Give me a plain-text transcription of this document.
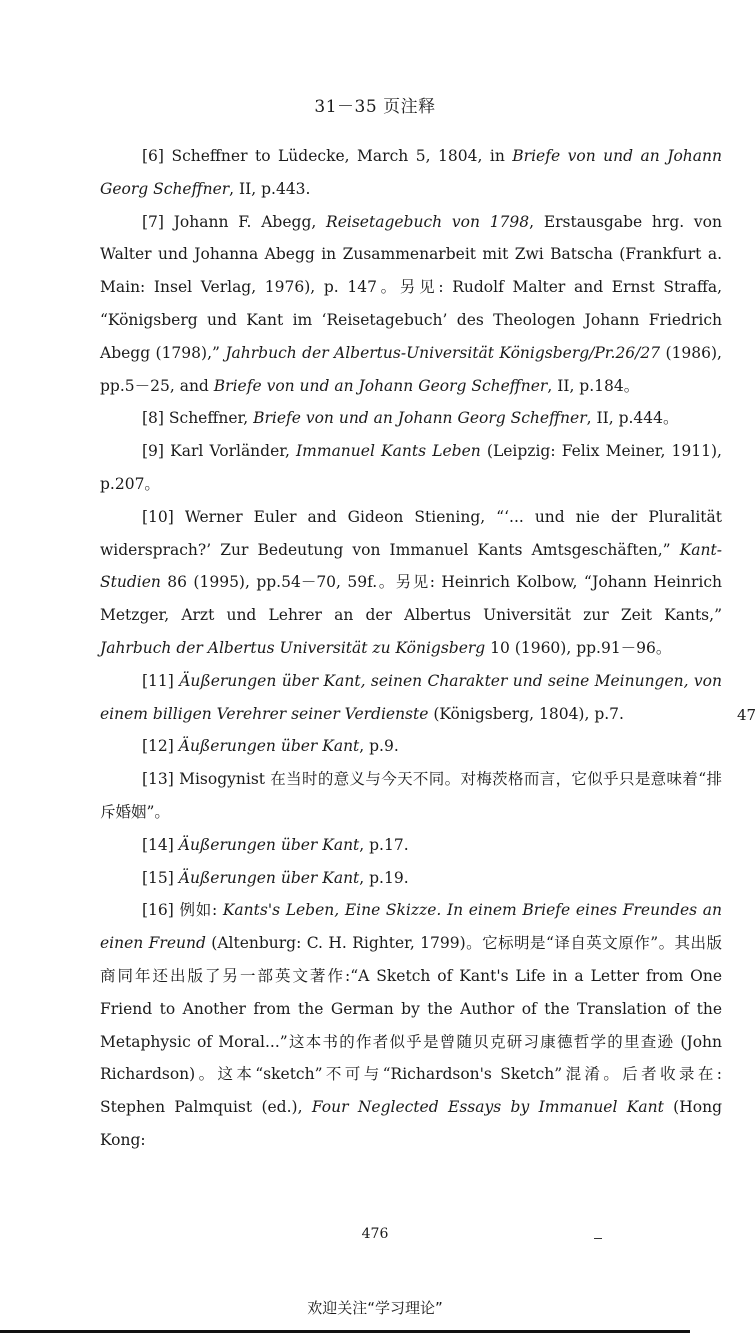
31－35 页注释

[6] Scheffner to Lüdecke, March 5, 1804, in Briefe von und an Johann Georg Scheffner, II, p.443.

[7] Johann F. Abegg, Reisetagebuch von 1798, Erstausgabe hrg. von Walter und Johanna Abegg in Zusammenarbeit mit Zwi Batscha (Frankfurt a. Main: Insel Verlag, 1976), p. 147。另见: Rudolf Malter and Ernst Straffa, “Königsberg und Kant im ‘Reisetagebuch’ des Theologen Johann Friedrich Abegg (1798),” Jahrbuch der Albertus-Universität Königsberg/Pr.26/27 (1986), pp.5－25, and Briefe von und an Johann Georg Scheffner, II, p.184。

[8] Scheffner, Briefe von und an Johann Georg Scheffner, II, p.444。

[9] Karl Vorländer, Immanuel Kants Leben (Leipzig: Felix Meiner, 1911), p.207。

[10] Werner Euler and Gideon Stiening, “‘... und nie der Pluralität widersprach?’ Zur Bedeutung von Immanuel Kants Amtsgeschäften,” Kant-Studien 86 (1995), pp.54－70, 59f.。另见: Heinrich Kolbow, “Johann Heinrich Metzger, Arzt und Lehrer an der Albertus Universität zur Zeit Kants,” Jahrbuch der Albertus Universität zu Königsberg 10 (1960), pp.91－96。

[11] Äußerungen über Kant, seinen Charakter und seine Meinungen, von einem billigen Verehrer seiner Verdienste (Königsberg, 1804), p.7.

[12] Äußerungen über Kant, p.9.

[13] Misogynist 在当时的意义与今天不同。对梅茨格而言，它似乎只是意味着“排斥婚姻”。

[14] Äußerungen über Kant, p.17.

[15] Äußerungen über Kant, p.19.

[16] 例如: Kants's Leben, Eine Skizze. In einem Briefe eines Freundes an einen Freund (Altenburg: C. H. Righter, 1799)。它标明是“译自英文原作”。其出版商同年还出版了另一部英文著作:“A Sketch of Kant's Life in a Letter from One Friend to Another from the German by the Author of the Translation of the Metaphysic of Moral...”这本书的作者似乎是曾随贝克研习康德哲学的里查逊 (John Richardson)。这本“sketch”不可与“Richardson's Sketch”混淆。后者收录在: Stephen Palmquist (ed.), Four Neglected Essays by Immanuel Kant (Hong Kong:

47
476
欢迎关注“学习理论”
